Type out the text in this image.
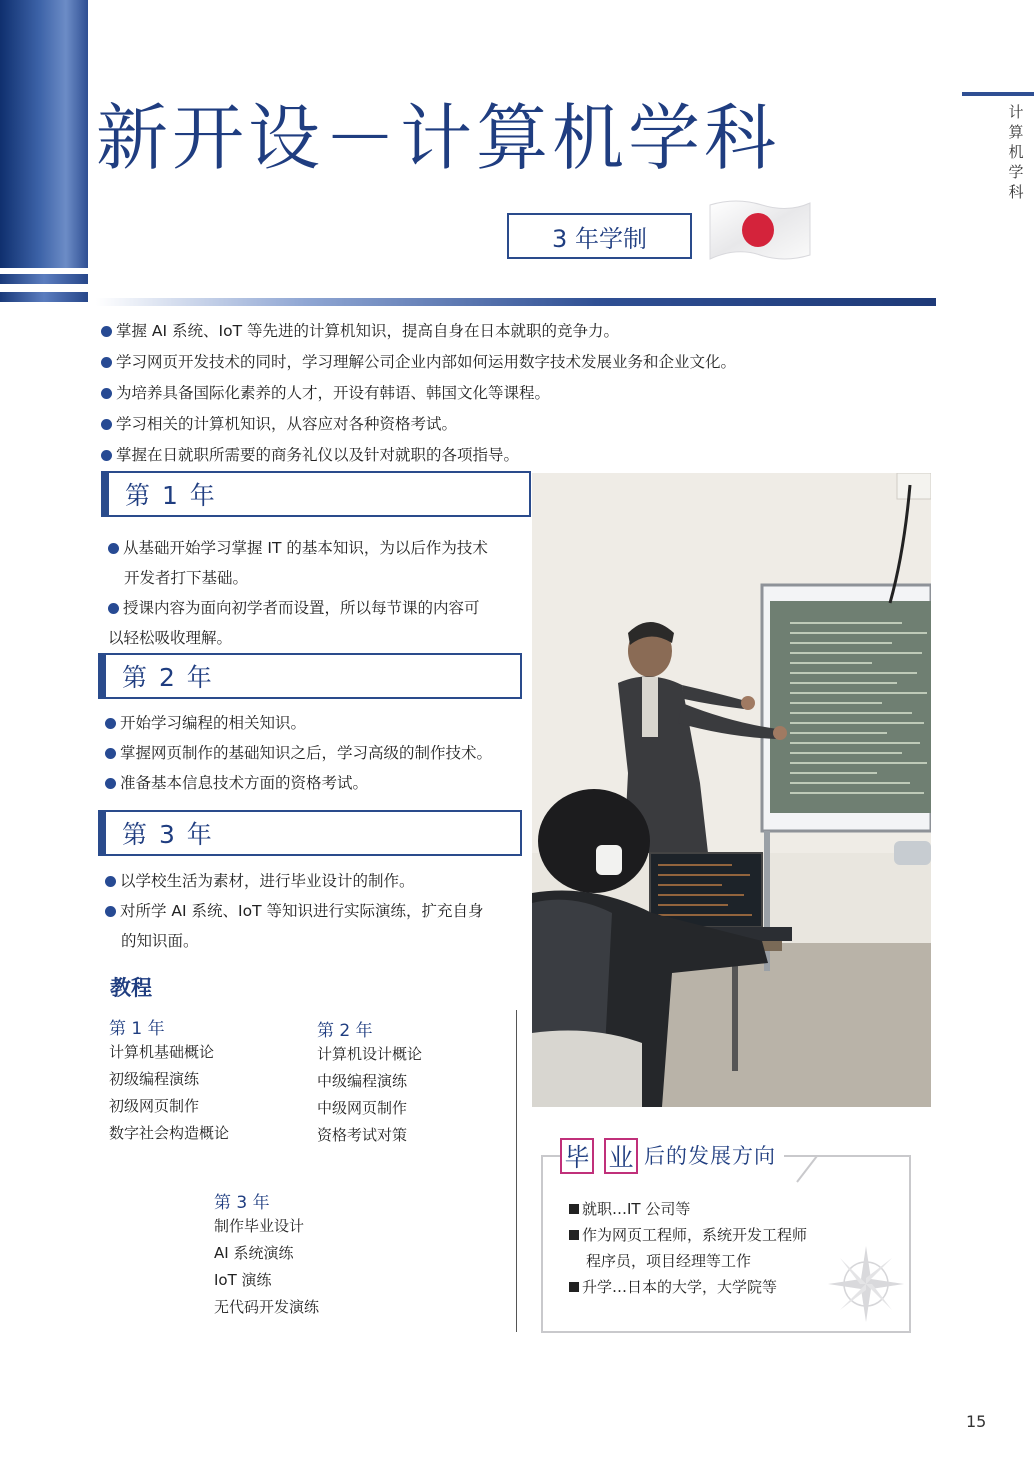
新开设－计算机学科
3 年学制
计
算
机
学
科
掌握 AI 系统、IoT 等先进的计算机知识，提高自身在日本就职的竞争力。
学习网页开发技术的同时，学习理解公司企业内部如何运用数字技术发展业务和企业文化。
为培养具备国际化素养的人才，开设有韩语、韩国文化等课程。
学习相关的计算机知识，从容应对各种资格考试。
掌握在日就职所需要的商务礼仪以及针对就职的各项指导。
第 1 年
从基础开始学习掌握 IT 的基本知识，为以后作为技术
开发者打下基础。
授课内容为面向初学者而设置，所以每节课的内容可
以轻松吸收理解。
第 2 年
开始学习编程的相关知识。
掌握网页制作的基础知识之后，学习高级的制作技术。
准备基本信息技术方面的资格考试。
第 3 年
以学校生活为素材，进行毕业设计的制作。
对所学 AI 系统、IoT 等知识进行实际演练，扩充自身
的知识面。
教程
第 1 年
计算机基础概论
初级编程演练
初级网页制作
数字社会构造概论
第 2 年
计算机设计概论
中级编程演练
中级网页制作
资格考试对策
第 3 年
制作毕业设计
AI 系统演练
IoT 演练
无代码开发演练
毕 业 后的发展方向
就职…IT 公司等
作为网页工程师，系统开发工程师
程序员，项目经理等工作
升学…日本的大学，大学院等
15
